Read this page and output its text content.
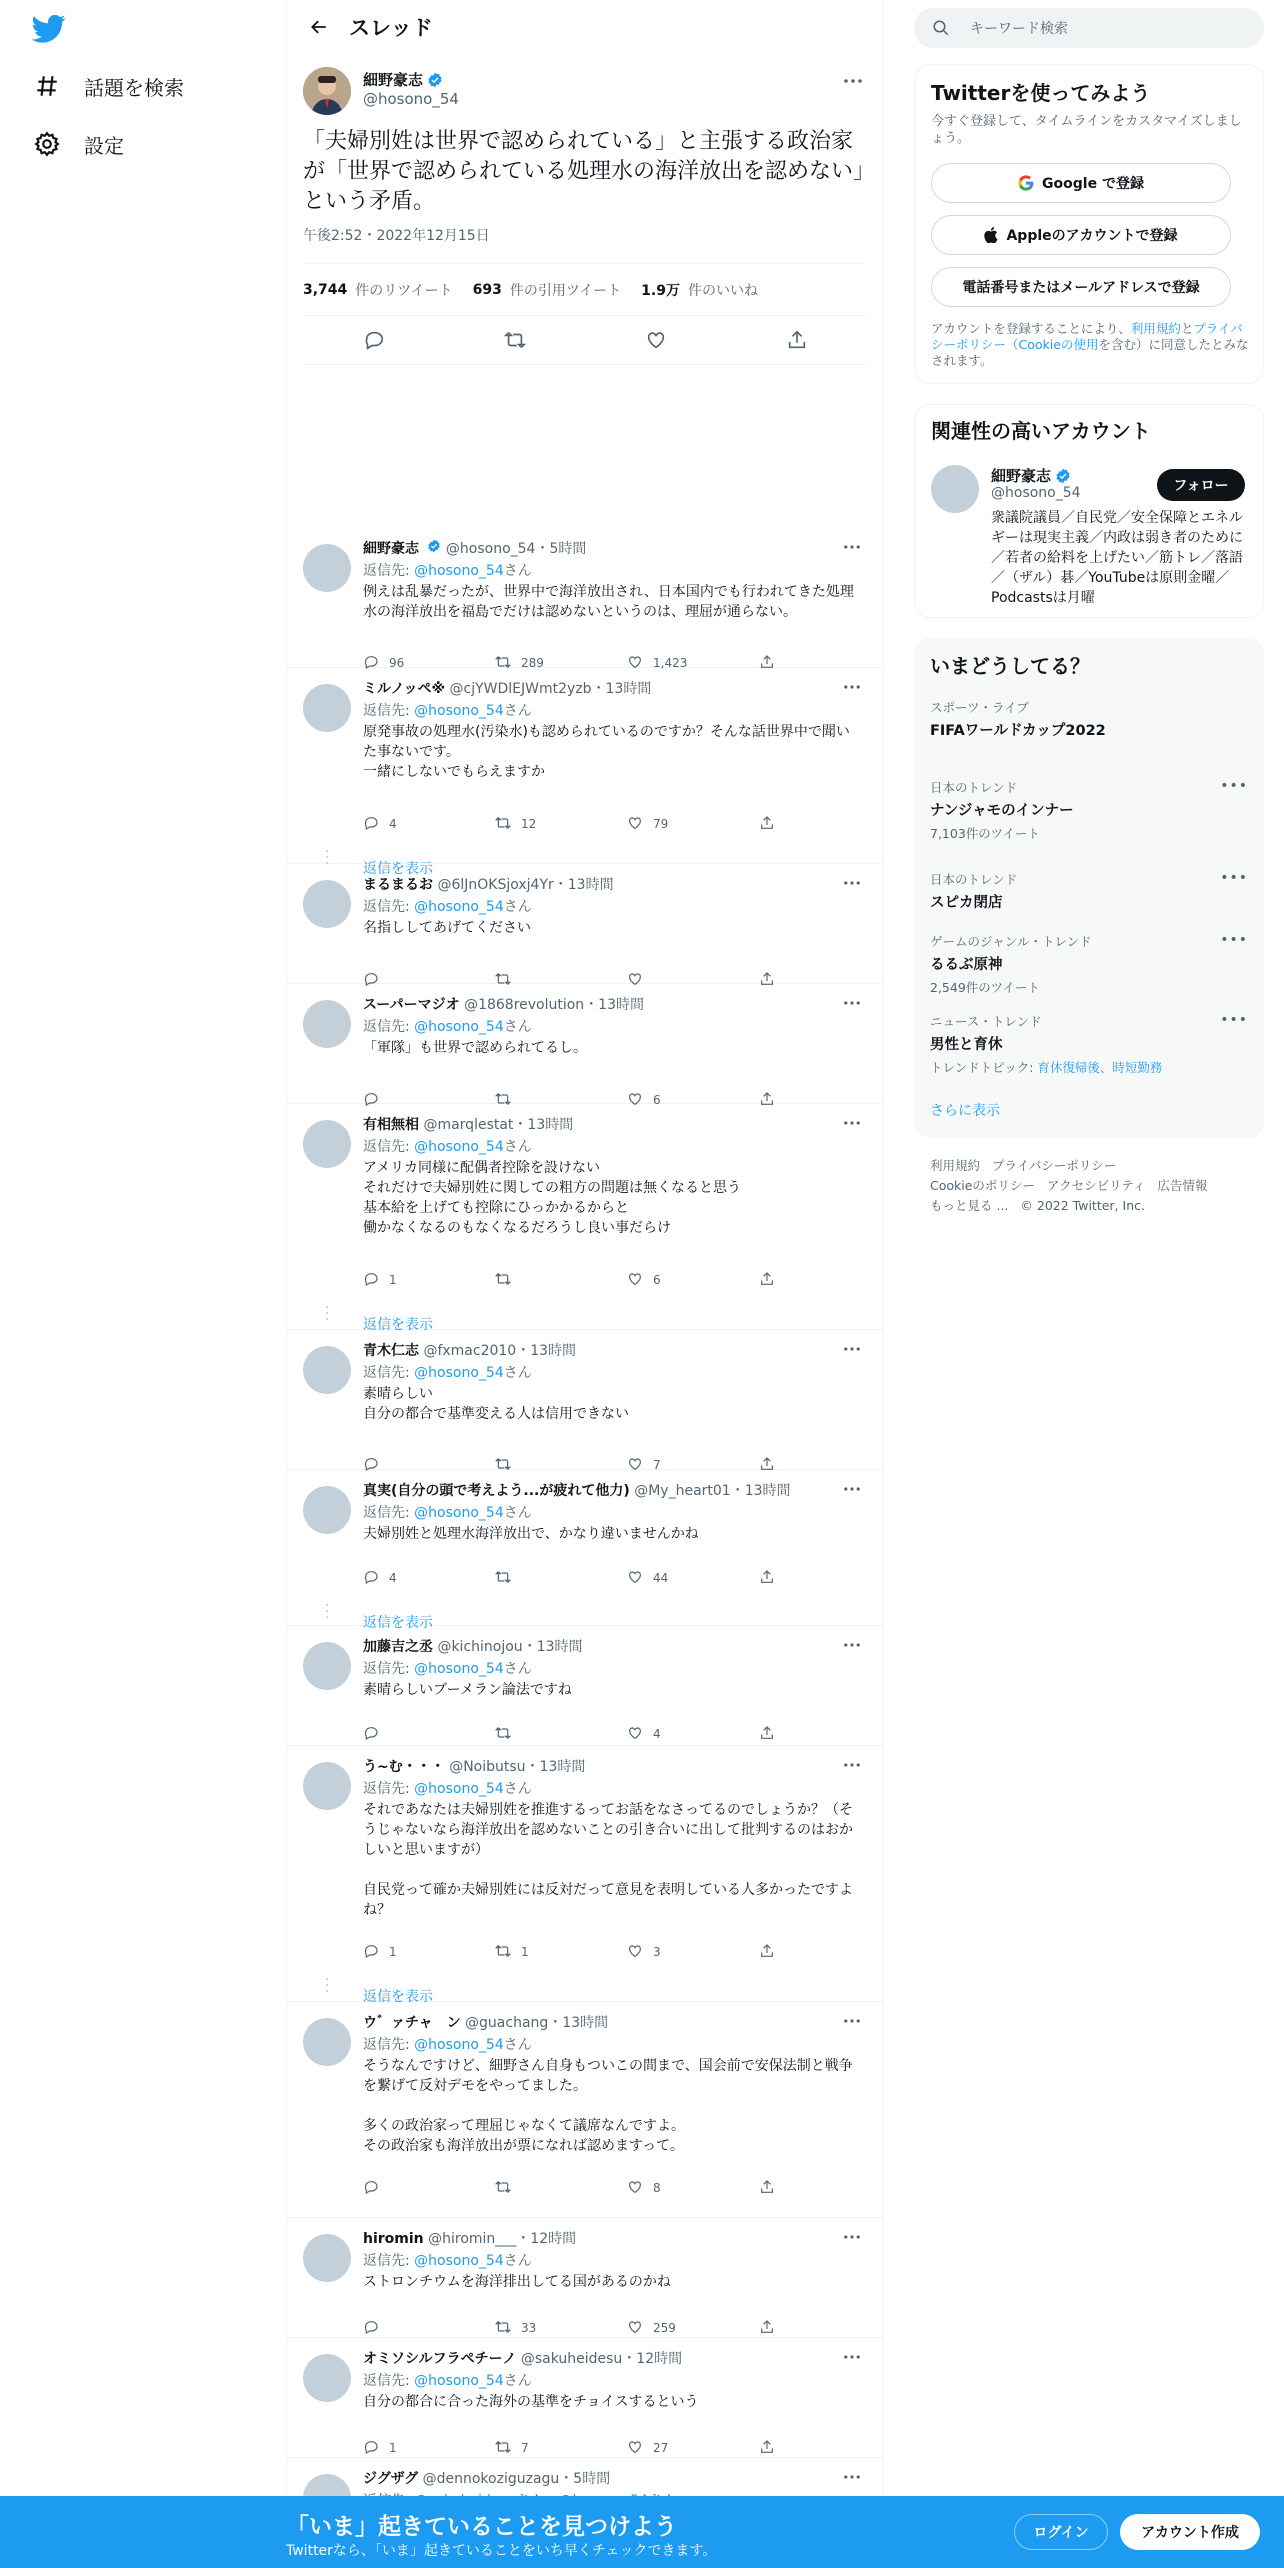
話題を検索
設定
スレッド
細野豪志
@hosono_54
「夫婦別姓は世界で認められている」と主張する政治家が「世界で認められている処理水の海洋放出を認めない」という矛盾。
午後2:52・2022年12月15日
3,744 件のリツイート 693 件の引用ツイート 1.9万 件のいいね
細野豪志 @hosono_54・5時間
返信先: @hosono_54さん
例えは乱暴だったが、世界中で海洋放出され、日本国内でも行われてきた処理水の海洋放出を福島でだけは認めないというのは、理屈が通らない。
96	289	1,423
ミルノッペ※ @cjYWDlEJWmt2yzb・13時間
返信先: @hosono_54さん
原発事故の処理水(汚染水)も認められているのですか？そんな話世界中で聞いた事ないです。
一緒にしないでもらえますか
4	12	79
返信を表示
まるまるお @6lJnOKSjoxj4Yr・13時間
返信先: @hosono_54さん
名指ししてあげてください
スーパーマジオ @1868revolution・13時間
返信先: @hosono_54さん
「軍隊」も世界で認められてるし。
6
有相無相 @marqlestat・13時間
返信先: @hosono_54さん
アメリカ同様に配偶者控除を設けない
それだけで夫婦別姓に関しての粗方の問題は無くなると思う
基本給を上げても控除にひっかかるからと
働かなくなるのもなくなるだろうし良い事だらけ
1	6
返信を表示
青木仁志 @fxmac2010・13時間
返信先: @hosono_54さん
素晴らしい
自分の都合で基準変える人は信用できない
7
真実(自分の頭で考えよう...が疲れて他力) @My_heart01・13時間
返信先: @hosono_54さん
夫婦別姓と処理水海洋放出で、かなり違いませんかね
4	44
返信を表示
加藤吉之丞 @kichinojou・13時間
返信先: @hosono_54さん
素晴らしいブーメラン論法ですね
4
う~む・・・ @Noibutsu・13時間
返信先: @hosono_54さん
それであなたは夫婦別姓を推進するってお話をなさってるのでしょうか？（そうじゃないなら海洋放出を認めないことの引き合いに出して批判するのはおかしいと思いますが）

自民党って確か夫婦別姓には反対だって意見を表明している人多かったですよね？
1	1	3
返信を表示
ウ゛ァチャ　ン @guachang・13時間
返信先: @hosono_54さん
そうなんですけど、細野さん自身もついこの間まで、国会前で安保法制と戦争を繋げて反対デモをやってました。

多くの政治家って理屈じゃなくて議席なんですよ。
その政治家も海洋放出が票になれば認めますって。
8
hiromin @hiromin___・12時間
返信先: @hosono_54さん
ストロンチウムを海洋排出してる国があるのかね
33	259
オミソシルフラペチーノ @sakuheidesu・12時間
返信先: @hosono_54さん
自分の都合に合った海外の基準をチョイスするという
1	7	27
ジグザグ @dennokoziguzagu・5時間
キーワード検索
Twitterを使ってみよう
今すぐ登録して、タイムラインをカスタマイズしましょう。
Google で登録
Appleのアカウントで登録
電話番号またはメールアドレスで登録
アカウントを登録することにより、利用規約とプライバシーポリシー（Cookieの使用を含む）に同意したとみなされます。
関連性の高いアカウント
細野豪志
@hosono_54	フォロー
衆議院議員／自民党／安全保障とエネルギーは現実主義／内政は弱き者のために／若者の給料を上げたい／筋トレ／落語／（ザル）碁／YouTubeは原則金曜／Podcastsは月曜
いまどうしてる？
スポーツ・ライブ
FIFAワールドカップ2022
日本のトレンド
ナンジャモのインナー
7,103件のツイート
•••
日本のトレンド
スピカ閉店
•••
ゲームのジャンル・トレンド
るるぶ原神
2,549件のツイート
•••
ニュース・トレンド
男性と育休
トレンドトピック: 育休復帰後、時短勤務
•••
さらに表示
利用規約 プライバシーポリシー
Cookieのポリシー アクセシビリティ 広告情報
もっと見る ... © 2022 Twitter, Inc.
「いま」起きていることを見つけよう
Twitterなら、「いま」起きていることをいち早くチェックできます。
ログイン	アカウント作成
